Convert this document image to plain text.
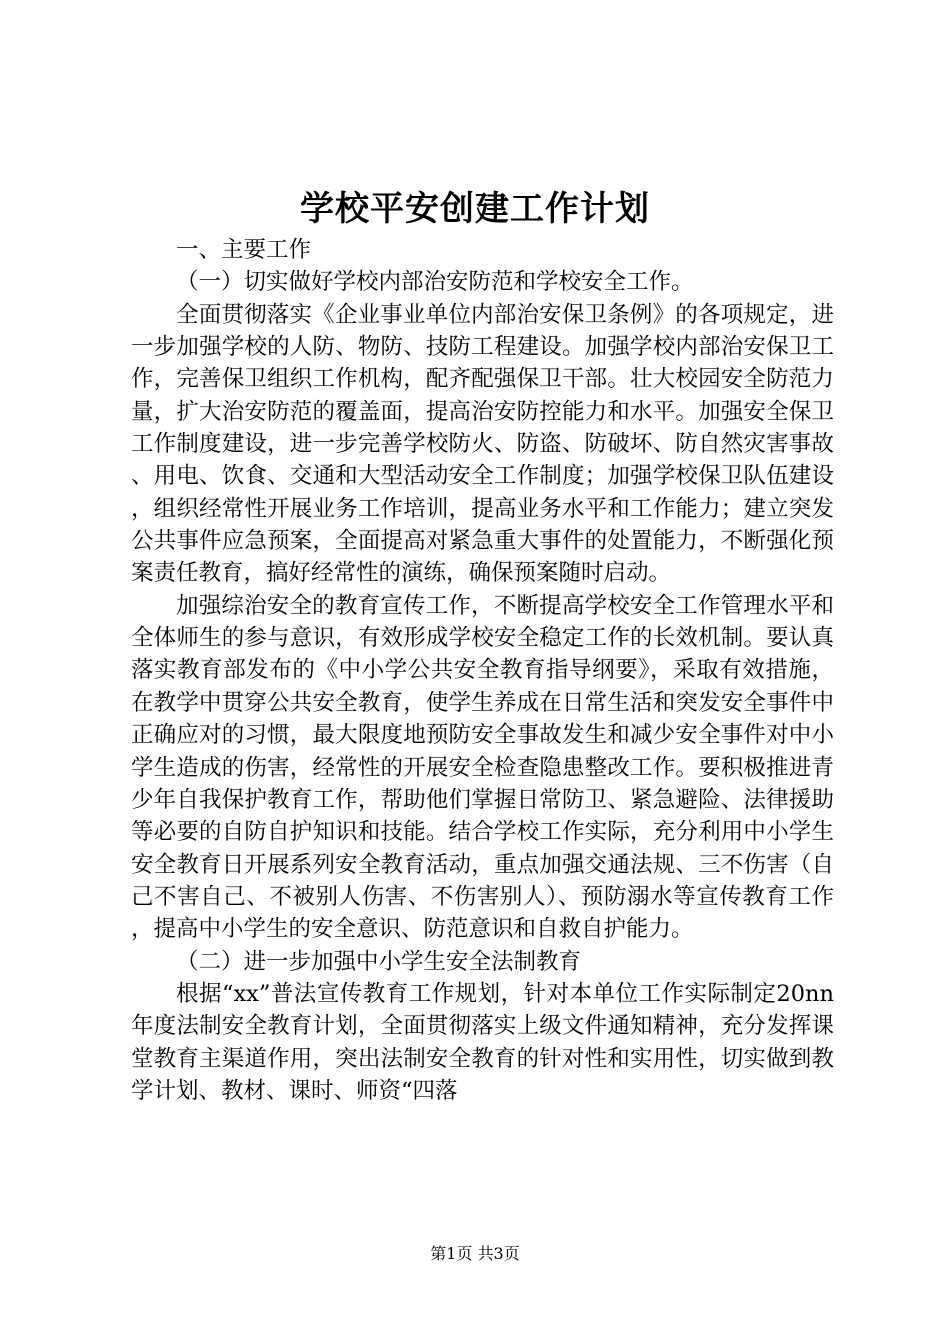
学校平安创建工作计划

一、主要工作

（一）切实做好学校内部治安防范和学校安全工作。

全面贯彻落实《企业事业单位内部治安保卫条例》的各项规定，进一步加强学校的人防、物防、技防工程建设。加强学校内部治安保卫工作，完善保卫组织工作机构，配齐配强保卫干部。壮大校园安全防范力量，扩大治安防范的覆盖面，提高治安防控能力和水平。加强安全保卫工作制度建设，进一步完善学校防火、防盗、防破坏、防自然灾害事故、用电、饮食、交通和大型活动安全工作制度；加强学校保卫队伍建设，组织经常性开展业务工作培训，提高业务水平和工作能力；建立突发公共事件应急预案，全面提高对紧急重大事件的处置能力，不断强化预案责任教育，搞好经常性的演练，确保预案随时启动。

加强综治安全的教育宣传工作，不断提高学校安全工作管理水平和全体师生的参与意识，有效形成学校安全稳定工作的长效机制。要认真落实教育部发布的《中小学公共安全教育指导纲要》，采取有效措施，在教学中贯穿公共安全教育，使学生养成在日常生活和突发安全事件中正确应对的习惯，最大限度地预防安全事故发生和减少安全事件对中小学生造成的伤害，经常性的开展安全检查隐患整改工作。要积极推进青少年自我保护教育工作，帮助他们掌握日常防卫、紧急避险、法律援助等必要的自防自护知识和技能。结合学校工作实际，充分利用中小学生安全教育日开展系列安全教育活动，重点加强交通法规、三不伤害（自己不害自己、不被别人伤害、不伤害别人）、预防溺水等宣传教育工作，提高中小学生的安全意识、防范意识和自救自护能力。

（二）进一步加强中小学生安全法制教育

根据“xx”普法宣传教育工作规划，针对本单位工作实际制定20nn年度法制安全教育计划，全面贯彻落实上级文件通知精神，充分发挥课堂教育主渠道作用，突出法制安全教育的针对性和实用性，切实做到教学计划、教材、课时、师资“四落

第1页 共3页
